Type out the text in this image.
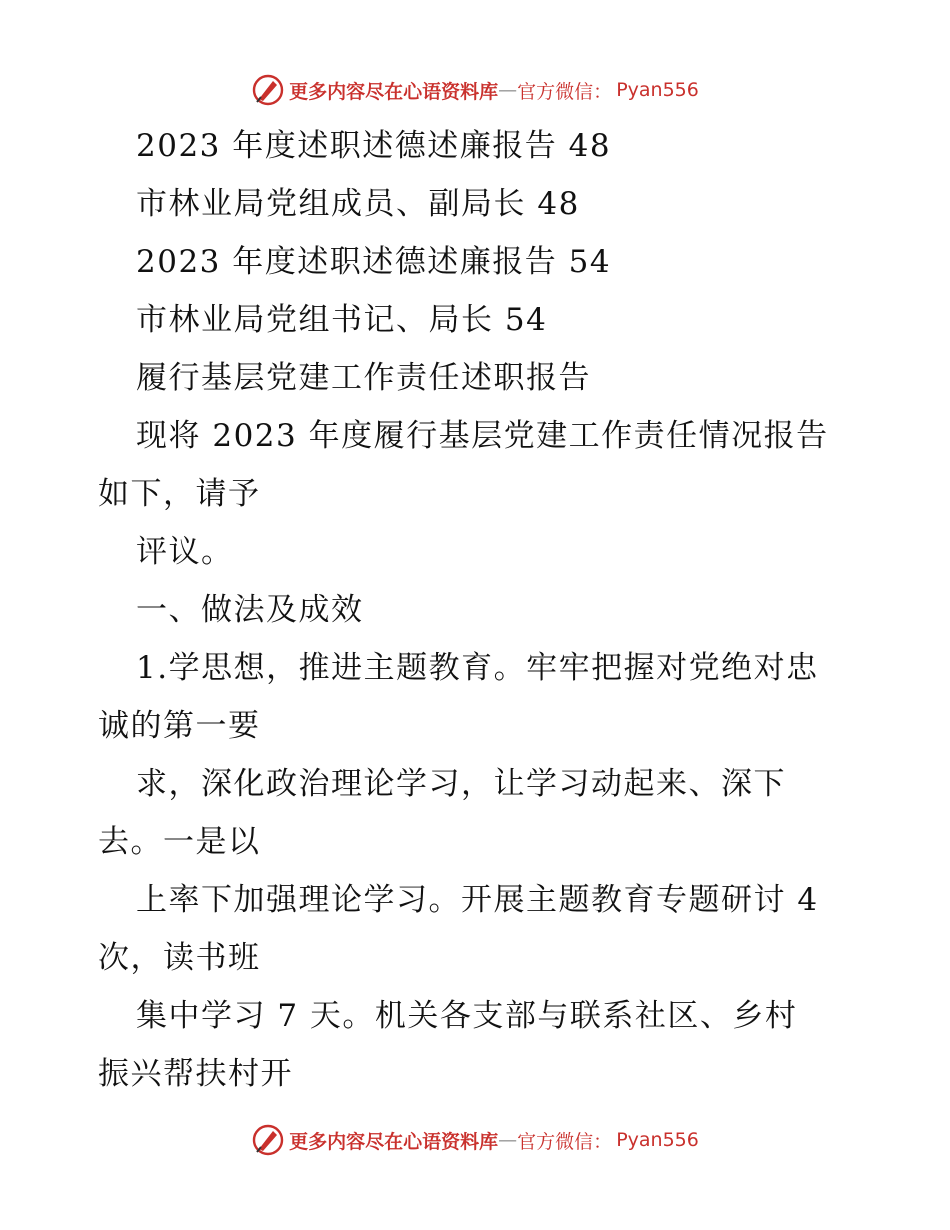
更多内容尽在心语资料库 — 官方微信： Pyan556
2023 年度述职述德述廉报告 48
市林业局党组成员、副局长 48
2023 年度述职述德述廉报告 54
市林业局党组书记、局长 54
履行基层党建工作责任述职报告
现将 2023 年度履行基层党建工作责任情况报告
如下，请予
评议。
一、做法及成效
1.学思想，推进主题教育。牢牢把握对党绝对忠
诚的第一要
求，深化政治理论学习，让学习动起来、深下
去。一是以
上率下加强理论学习。开展主题教育专题研讨 4
次，读书班
集中学习 7 天。机关各支部与联系社区、乡村
振兴帮扶村开
更多内容尽在心语资料库 — 官方微信： Pyan556
